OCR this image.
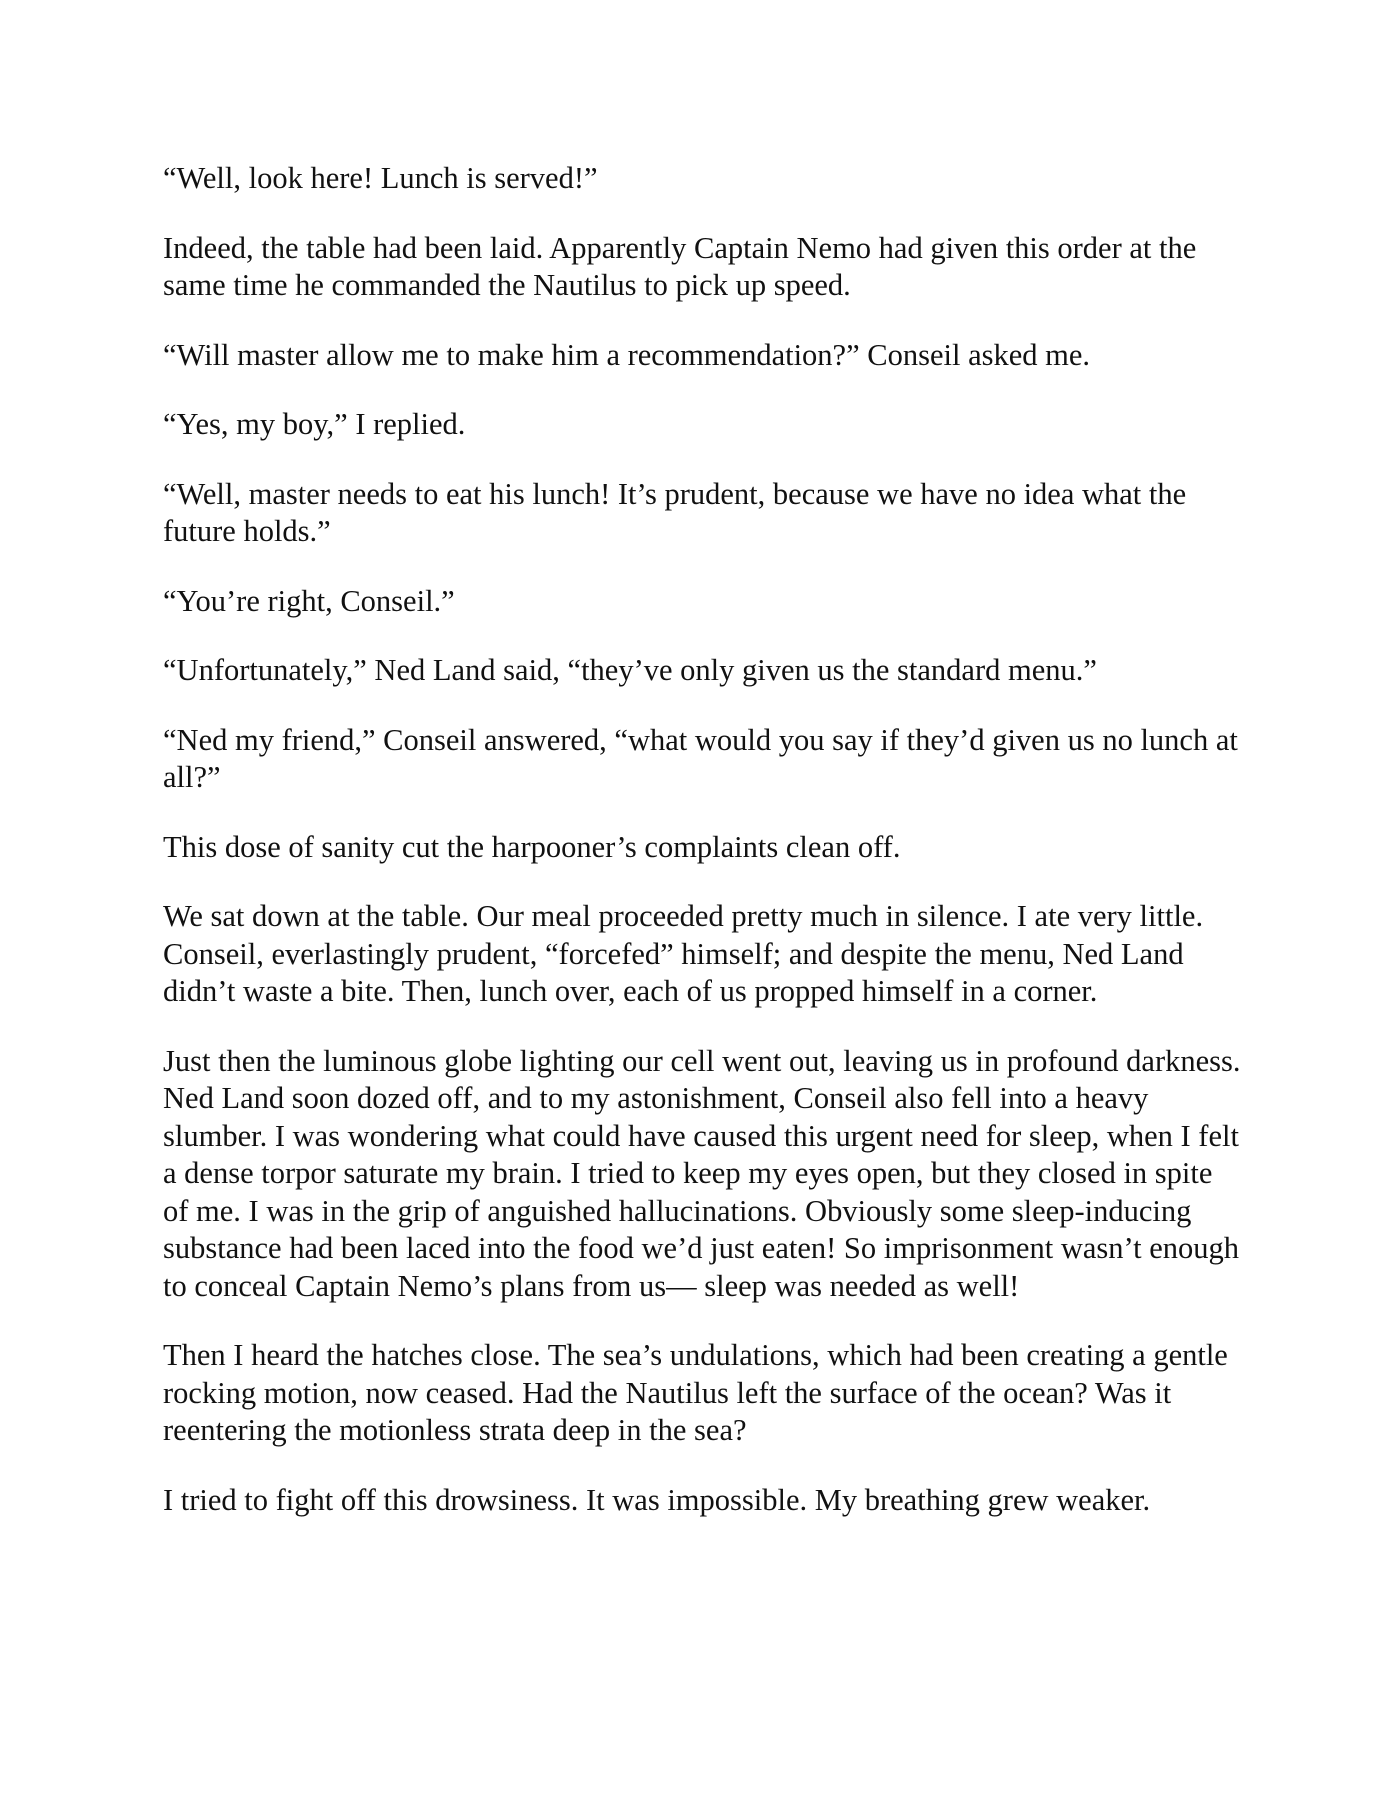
“Well, look here! Lunch is served!”

Indeed, the table had been laid. Apparently Captain Nemo had given this order at the same time he commanded the Nautilus to pick up speed.

“Will master allow me to make him a recommendation?” Conseil asked me.

“Yes, my boy,” I replied.

“Well, master needs to eat his lunch! It’s prudent, because we have no idea what the future holds.”

“You’re right, Conseil.”

“Unfortunately,” Ned Land said, “they’ve only given us the standard menu.”

“Ned my friend,” Conseil answered, “what would you say if they’d given us no lunch at all?”

This dose of sanity cut the harpooner’s complaints clean off.

We sat down at the table. Our meal proceeded pretty much in silence. I ate very little. Conseil, everlastingly prudent, “forcefed” himself; and despite the menu, Ned Land didn’t waste a bite. Then, lunch over, each of us propped himself in a corner.

Just then the luminous globe lighting our cell went out, leaving us in profound darkness. Ned Land soon dozed off, and to my astonishment, Conseil also fell into a heavy slumber. I was wondering what could have caused this urgent need for sleep, when I felt a dense torpor saturate my brain. I tried to keep my eyes open, but they closed in spite of me. I was in the grip of anguished hallucinations. Obviously some sleep-inducing substance had been laced into the food we’d just eaten! So imprisonment wasn’t enough to conceal Captain Nemo’s plans from us— sleep was needed as well!

Then I heard the hatches close. The sea’s undulations, which had been creating a gentle rocking motion, now ceased. Had the Nautilus left the surface of the ocean? Was it reentering the motionless strata deep in the sea?

I tried to fight off this drowsiness. It was impossible. My breathing grew weaker.
